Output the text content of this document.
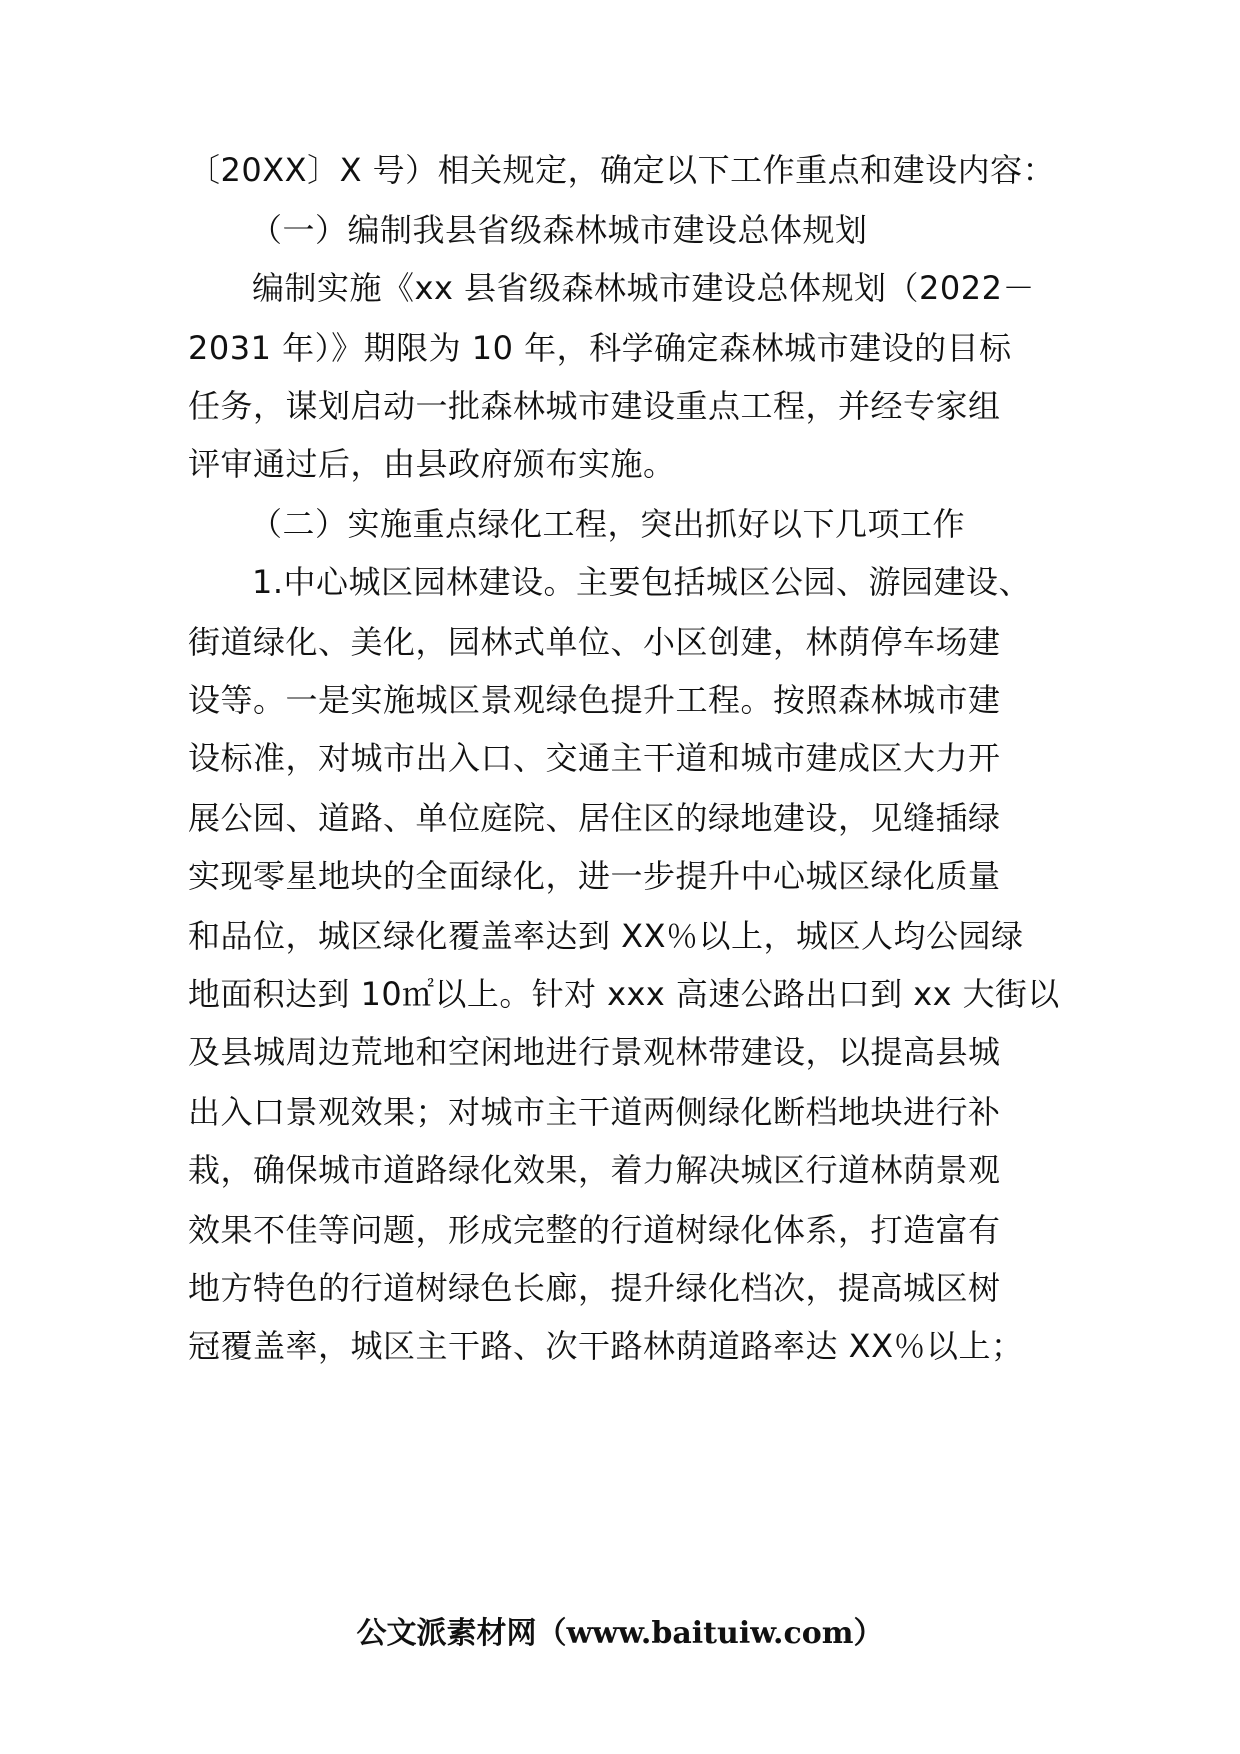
〔20XX〕X 号）相关规定，确定以下工作重点和建设内容：
（一）编制我县省级森林城市建设总体规划
编制实施《xx 县省级森林城市建设总体规划（2022－
2031 年）》期限为 10 年，科学确定森林城市建设的目标
任务，谋划启动一批森林城市建设重点工程，并经专家组
评审通过后，由县政府颁布实施。
（二）实施重点绿化工程，突出抓好以下几项工作
1.中心城区园林建设。主要包括城区公园、游园建设、
街道绿化、美化，园林式单位、小区创建，林荫停车场建
设等。一是实施城区景观绿色提升工程。按照森林城市建
设标准，对城市出入口、交通主干道和城市建成区大力开
展公园、道路、单位庭院、居住区的绿地建设，见缝插绿
实现零星地块的全面绿化，进一步提升中心城区绿化质量
和品位，城区绿化覆盖率达到 XX％以上，城区人均公园绿
地面积达到 10㎡以上。针对 xxx 高速公路出口到 xx 大街以
及县城周边荒地和空闲地进行景观林带建设，以提高县城
出入口景观效果；对城市主干道两侧绿化断档地块进行补
栽，确保城市道路绿化效果，着力解决城区行道林荫景观
效果不佳等问题，形成完整的行道树绿化体系，打造富有
地方特色的行道树绿色长廊，提升绿化档次，提高城区树
冠覆盖率，城区主干路、次干路林荫道路率达 XX％以上；
公文派素材网（www.baituiw.com）
